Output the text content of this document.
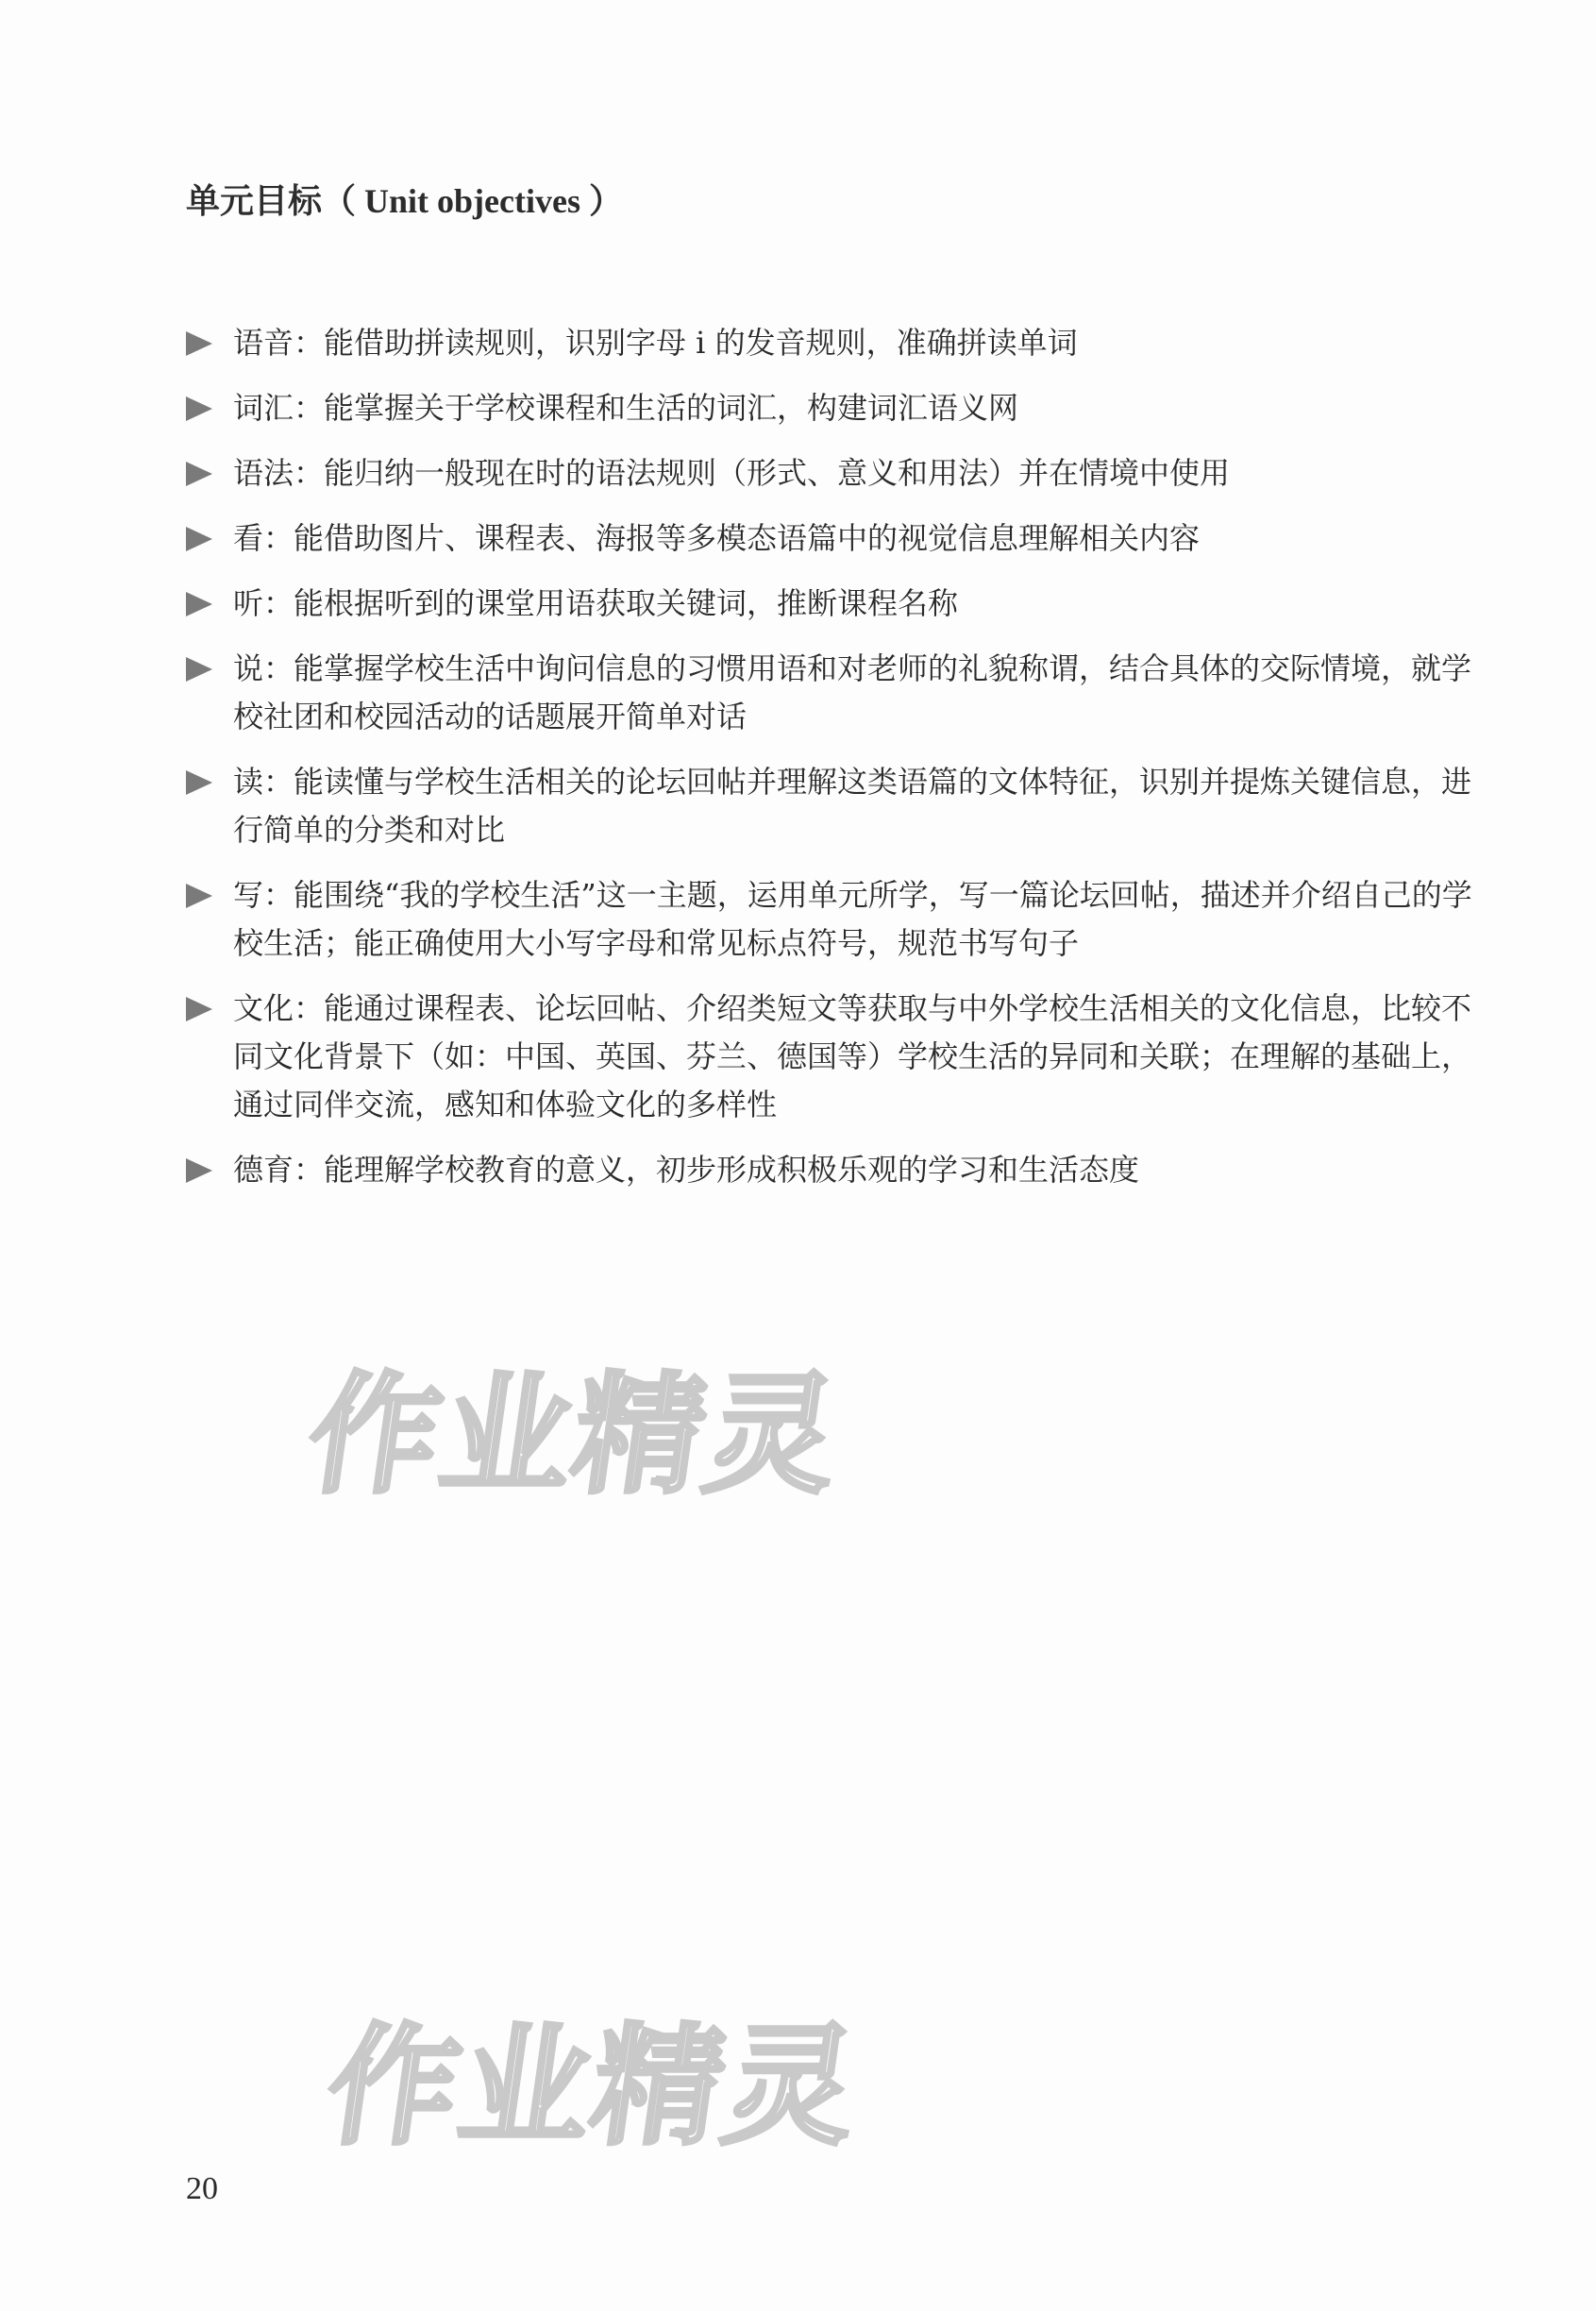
单元目标（ Unit objectives ）
语音：能借助拼读规则，识别字母 i 的发音规则，准确拼读单词
词汇：能掌握关于学校课程和生活的词汇，构建词汇语义网
语法：能归纳一般现在时的语法规则（形式、意义和用法）并在情境中使用
看：能借助图片、课程表、海报等多模态语篇中的视觉信息理解相关内容
听：能根据听到的课堂用语获取关键词，推断课程名称
说：能掌握学校生活中询问信息的习惯用语和对老师的礼貌称谓，结合具体的交际情境，就学校社团和校园活动的话题展开简单对话
读：能读懂与学校生活相关的论坛回帖并理解这类语篇的文体特征，识别并提炼关键信息，进行简单的分类和对比
写：能围绕“我的学校生活”这一主题，运用单元所学，写一篇论坛回帖，描述并介绍自己的学校生活；能正确使用大小写字母和常见标点符号，规范书写句子
文化：能通过课程表、论坛回帖、介绍类短文等获取与中外学校生活相关的文化信息，比较不同文化背景下（如：中国、英国、芬兰、德国等）学校生活的异同和关联；在理解的基础上，通过同伴交流，感知和体验文化的多样性
德育：能理解学校教育的意义，初步形成积极乐观的学习和生活态度
作业精灵
作业精灵
20
